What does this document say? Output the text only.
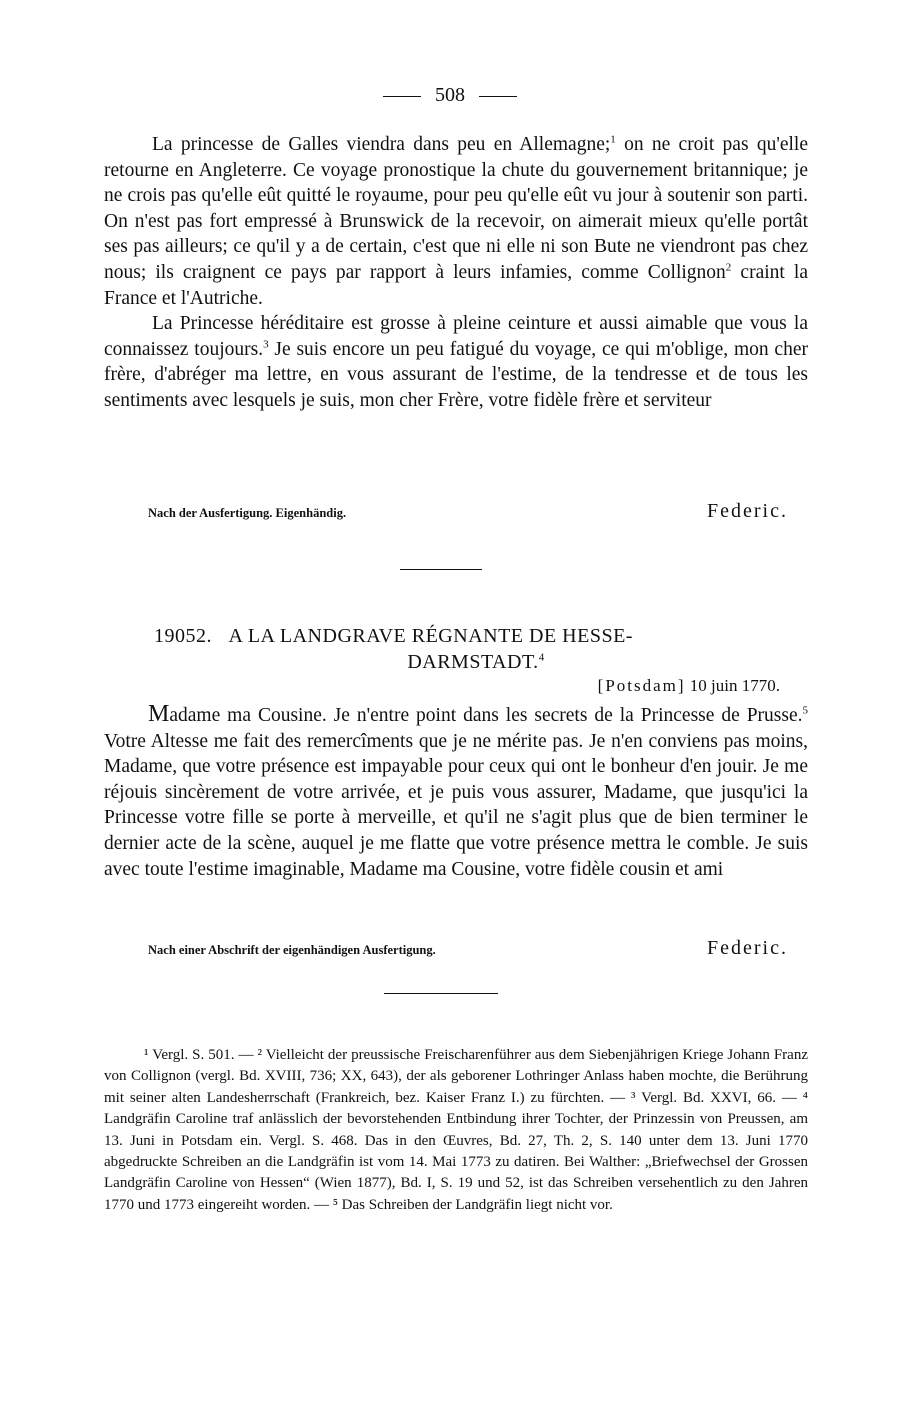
508

La princesse de Galles viendra dans peu en Allemagne;$^1$ on ne croit pas qu'elle retourne en Angleterre. Ce voyage pronostique la chute du gouvernement britannique; je ne crois pas qu'elle eût quitté le royaume, pour peu qu'elle eût vu jour à soutenir son parti. On n'est pas fort empressé à Brunswick de la recevoir, on aimerait mieux qu'elle portât ses pas ailleurs; ce qu'il y a de certain, c'est que ni elle ni son Bute ne viendront pas chez nous; ils craignent ce pays par rapport à leurs infamies, comme Collignon$^2$ craint la France et l'Autriche.

La Princesse héréditaire est grosse à pleine ceinture et aussi aimable que vous la connaissez toujours.$^3$ Je suis encore un peu fatigué du voyage, ce qui m'oblige, mon cher frère, d'abréger ma lettre, en vous assurant de l'estime, de la tendresse et de tous les sentiments avec lesquels je suis, mon cher Frère, votre fidèle frère et serviteur

Nach der Ausfertigung. Eigenhändig.	Federic.
19052. A LA LANDGRAVE RÉGNANTE DE HESSE-
DARMSTADT.$^4$
[Potsdam] 10 juin 1770.

Madame ma Cousine. Je n'entre point dans les secrets de la Princesse de Prusse.$^5$ Votre Altesse me fait des remercîments que je ne mérite pas. Je n'en conviens pas moins, Madame, que votre présence est impayable pour ceux qui ont le bonheur d'en jouir. Je me réjouis sincèrement de votre arrivée, et je puis vous assurer, Madame, que jusqu'ici la Princesse votre fille se porte à merveille, et qu'il ne s'agit plus que de bien terminer le dernier acte de la scène, auquel je me flatte que votre présence mettra le comble. Je suis avec toute l'estime imaginable, Madame ma Cousine, votre fidèle cousin et ami

Nach einer Abschrift der eigenhändigen Ausfertigung.	Federic.

¹ Vergl. S. 501. — ² Vielleicht der preussische Freischarenführer aus dem Siebenjährigen Kriege Johann Franz von Collignon (vergl. Bd. XVIII, 736; XX, 643), der als geborener Lothringer Anlass haben mochte, die Berührung mit seiner alten Landesherrschaft (Frankreich, bez. Kaiser Franz I.) zu fürchten. — ³ Vergl. Bd. XXVI, 66. — ⁴ Landgräfin Caroline traf anlässlich der bevorstehenden Entbindung ihrer Tochter, der Prinzessin von Preussen, am 13. Juni in Potsdam ein. Vergl. S. 468. Das in den Œuvres, Bd. 27, Th. 2, S. 140 unter dem 13. Juni 1770 abgedruckte Schreiben an die Landgräfin ist vom 14. Mai 1773 zu datiren. Bei Walther: „Briefwechsel der Grossen Landgräfin Caroline von Hessen“ (Wien 1877), Bd. I, S. 19 und 52, ist das Schreiben versehentlich zu den Jahren 1770 und 1773 eingereiht worden. — ⁵ Das Schreiben der Landgräfin liegt nicht vor.
